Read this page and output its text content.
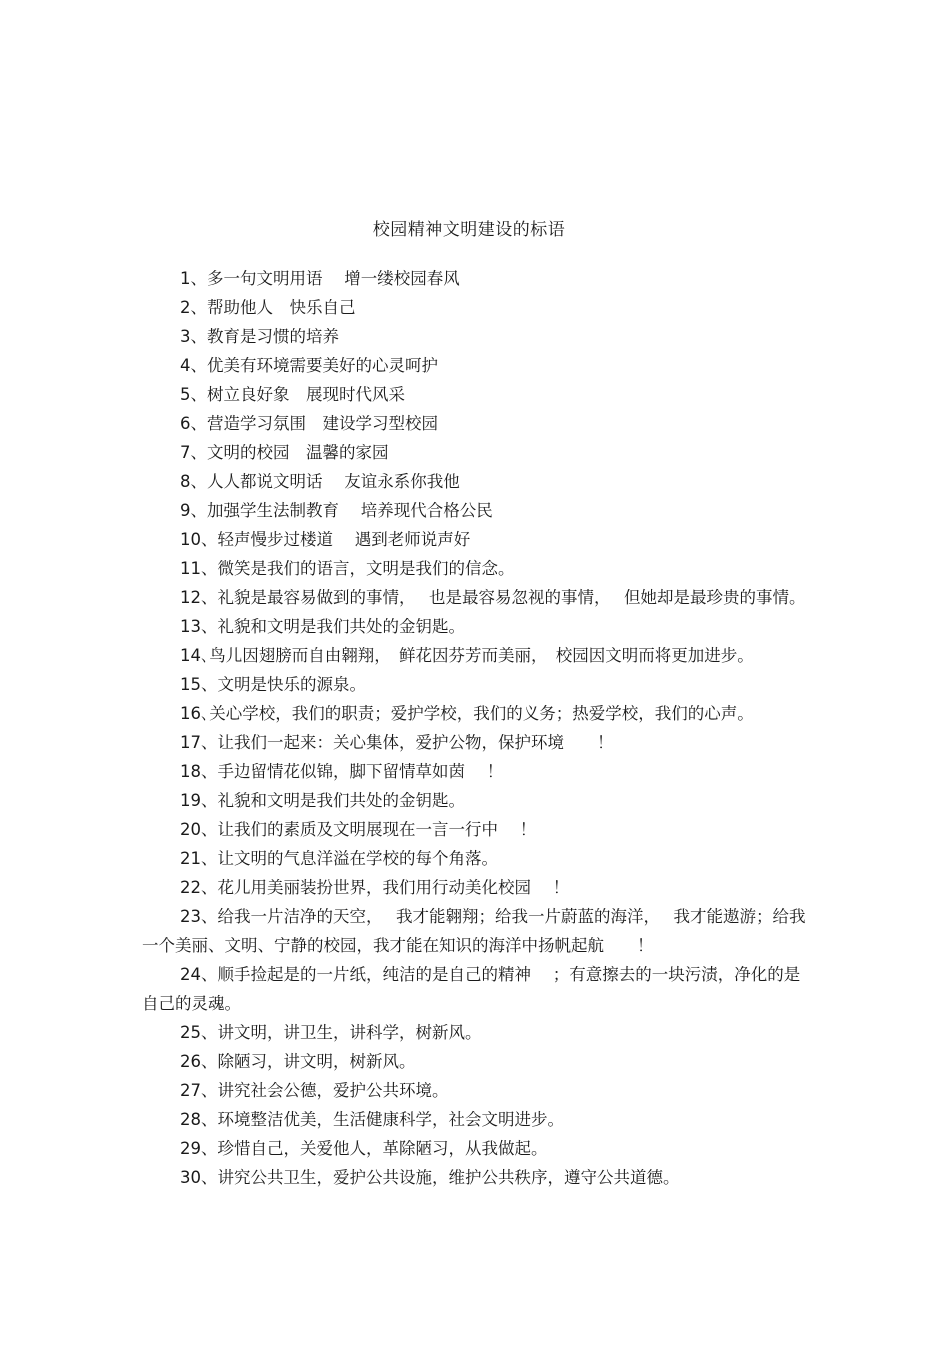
校园精神文明建设的标语
1、多一句文明用语　 增一缕校园春风
2、帮助他人　快乐自己
3、教育是习惯的培养
4、优美有环境需要美好的心灵呵护
5、树立良好象　展现时代风采
6、营造学习氛围　建设学习型校园
7、文明的校园　温馨的家园
8、人人都说文明话　 友谊永系你我他
9、加强学生法制教育　 培养现代合格公民
10、轻声慢步过楼道　 遇到老师说声好
11、微笑是我们的语言，文明是我们的信念。
12、礼貌是最容易做到的事情，　 也是最容易忽视的事情，　 但她却是最珍贵的事情。
13、礼貌和文明是我们共处的金钥匙。
14､鸟儿因翅膀而自由翱翔，　鲜花因芬芳而美丽，　校园因文明而将更加进步。
15、文明是快乐的源泉。
16､关心学校，我们的职责；爱护学校，我们的义务；热爱学校，我们的心声。
17、让我们一起来：关心集体，爱护公物，保护环境　　！
18、手边留情花似锦，脚下留情草如茵　 ！
19、礼貌和文明是我们共处的金钥匙。
20、让我们的素质及文明展现在一言一行中　 ！
21、让文明的气息洋溢在学校的每个角落。
22、花儿用美丽装扮世界，我们用行动美化校园　 ！
23、给我一片洁净的天空，　 我才能翱翔；给我一片蔚蓝的海洋，　 我才能遨游；给我一个美丽、文明、宁静的校园，我才能在知识的海洋中扬帆起航　　！
24、顺手捡起是的一片纸，纯洁的是自己的精神　 ；有意擦去的一块污渍，净化的是自己的灵魂。
25、讲文明，讲卫生，讲科学，树新风。
26、除陋习，讲文明，树新风。
27、讲究社会公德，爱护公共环境。
28、环境整洁优美，生活健康科学，社会文明进步。
29、珍惜自己，关爱他人，革除陋习，从我做起。
30、讲究公共卫生，爱护公共设施，维护公共秩序，遵守公共道德。
